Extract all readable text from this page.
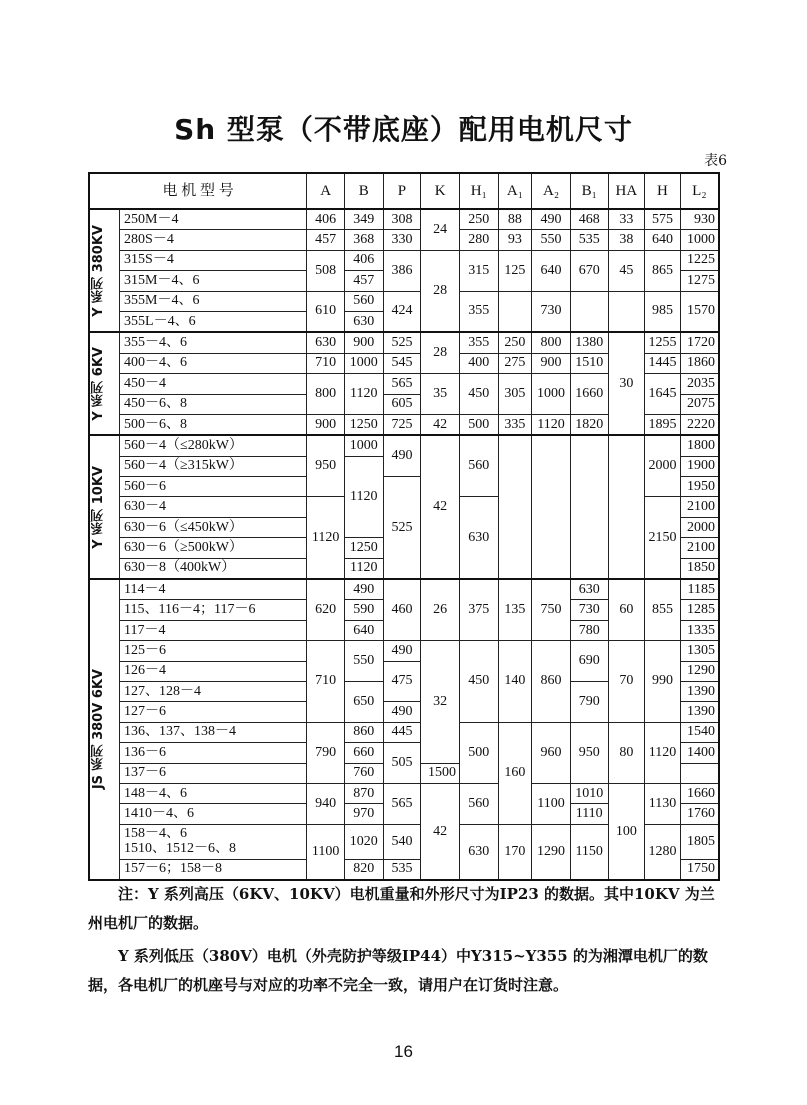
Sh 型泵（不带底座）配用电机尺寸
表6
电 机 型 号		A	B	P	K	H₁	A₁	A₂	B₁	HA	H	L₂

Y 系列 380KV	250M－4	406	349	308	24	250	88	490	468	33	575	930
	280S－4	457	368	330		280	93	550	535	38	640	1000
	315S－4	508	406	386	28	315	125	640	670	45	865	1225
	315M－4、6		457									1275
	355M－4、6	610	560	424		355		730			985	1570
	355L－4、6		630									

Y 系列 6KV	355－4、6	630	900	525	28	355	250	800	1380	30	1255	1720
	400－4、6	710	1000	545		400	275	900	1510		1445	1860
	450－4	800	1120	565	35	450	305	1000	1660		1645	2035
	450－6、8			605								2075
	500－6、8	900	1250	725	42	500	335	1120	1820		1895	2220

Y 系列 10KV	560－4（≤280kW）	950	1000	490	42	560					2000	1800
	560－4（≥315kW）		1120									1900
	560－6			525								1950
	630－4	1120				630					2150	2100
	630－6（≤450kW）											2000
	630－6（≥500kW）		1250									2100
	630－8（400kW）		1120									1850

JS 系列 380V 6KV	114－4	620	490	460	26	375	135	750	630	60	855	1185
	115、116－4；117－6		590						730			1285
	117－4		640						780			1335
	125－6	710	550	490	32	450	140	860	690	70	990	1305
	126－4			475								1290
	127、128－4		650						790			1390
	127－6			490								1390
	136、137、138－4	790	860	445		500	160	960	950	80	1120	1540
	136－6		660	505								1400
	137－6		760		1500							
	148－4、6	940	870	565	42	560		1100	1010	100	1130	1660
	1410－4、6		970						1110			1760

	158－4、6
1510、1512－6、8	1100	1020	540		630	170	1290	1150		1280	1805
	157－6；158－8		820	535								1750

注：Y 系列高压（6KV、10KV）电机重量和外形尺寸为IP23 的数据。其中10KV 为兰州电机厂的数据。

Y 系列低压（380V）电机（外壳防护等级IP44）中Y315~Y355 的为湘潭电机厂的数据，各电机厂的机座号与对应的功率不完全一致，请用户在订货时注意。

16
